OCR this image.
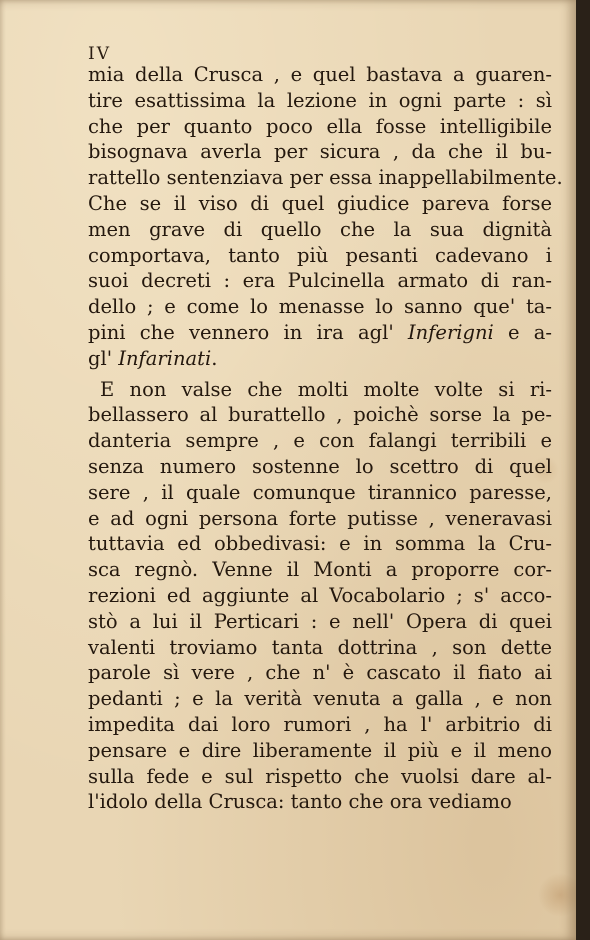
IV
mia della Crusca , e quel bastava a guaren-
tire esattissima la lezione in ogni parte : sì
che per quanto poco ella fosse intelligibile
bisognava averla per sicura , da che il bu-
rattello sentenziava per essa inappellabilmente.
Che se il viso di quel giudice pareva forse
men grave di quello che la sua dignità
comportava, tanto più pesanti cadevano i
suoi decreti : era Pulcinella armato di ran-
dello ; e come lo menasse lo sanno que' ta-
pini che vennero in ira agl' Inferigni e a-
gl' Infarinati.
E non valse che molti molte volte si ri-
bellassero al burattello , poichè sorse la pe-
danteria sempre , e con falangi terribili e
senza numero sostenne lo scettro di quel
sere , il quale comunque tirannico paresse,
e ad ogni persona forte putisse , veneravasi
tuttavia ed obbedivasi: e in somma la Cru-
sca regnò. Venne il Monti a proporre cor-
rezioni ed aggiunte al Vocabolario ; s' acco-
stò a lui il Perticari : e nell' Opera di quei
valenti troviamo tanta dottrina , son dette
parole sì vere , che n' è cascato il fiato ai
pedanti ; e la verità venuta a galla , e non
impedita dai loro rumori , ha l' arbitrio di
pensare e dire liberamente il più e il meno
sulla fede e sul rispetto che vuolsi dare al-
l'idolo della Crusca: tanto che ora vediamo
